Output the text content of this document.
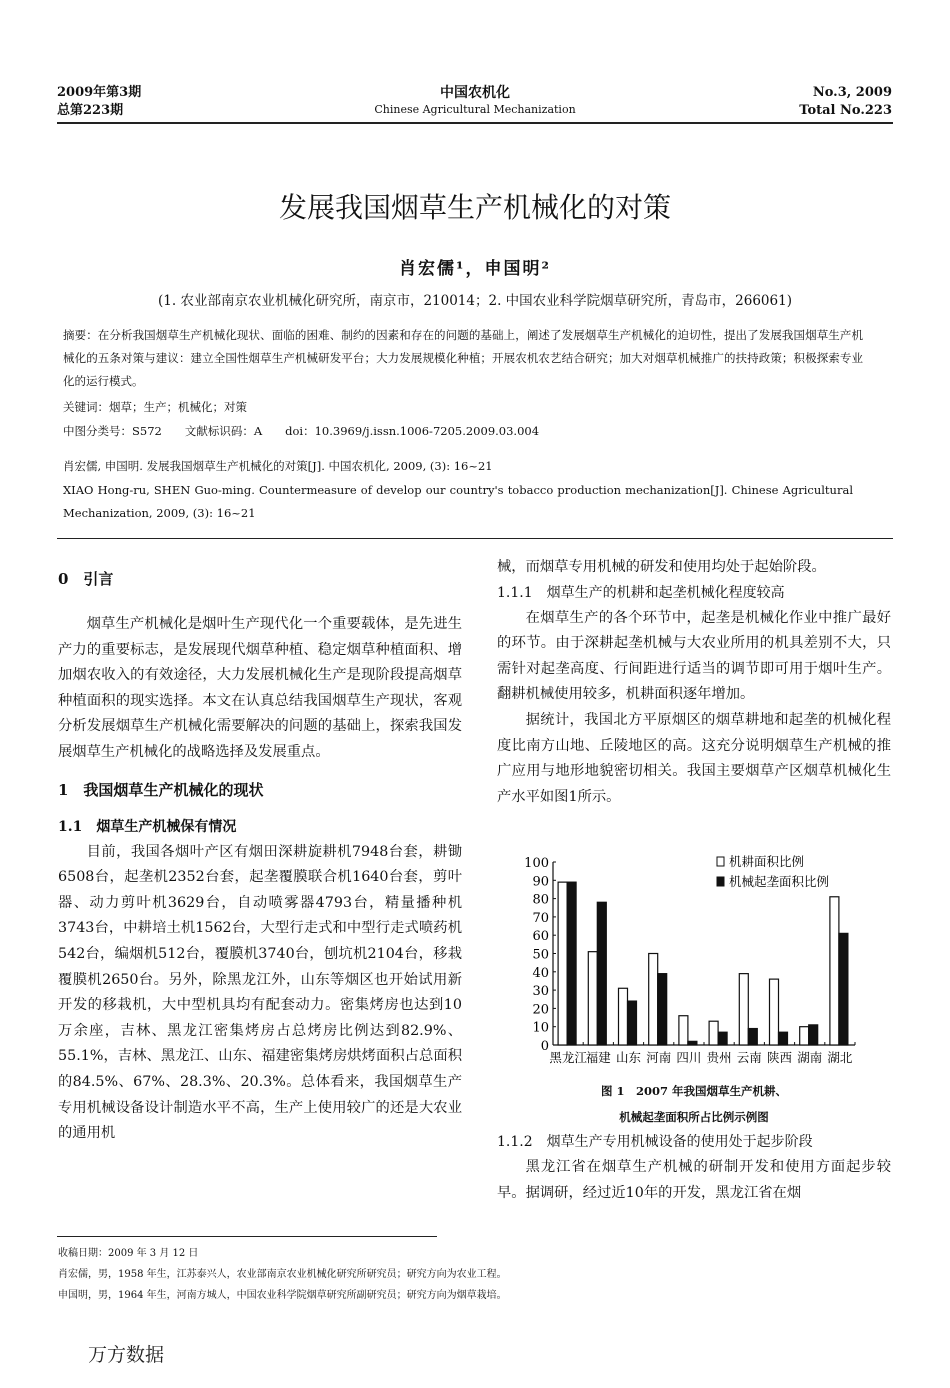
2009年第3期
总第223期
中国农机化
Chinese Agricultural Mechanization
No.3, 2009
Total No.223
发展我国烟草生产机械化的对策
肖宏儒¹，申国明²
(1. 农业部南京农业机械化研究所，南京市，210014；2. 中国农业科学院烟草研究所，青岛市，266061)
摘要：在分析我国烟草生产机械化现状、面临的困难、制约的因素和存在的问题的基础上，阐述了发展烟草生产机械化的迫切性，提出了发展我国烟草生产机械化的五条对策与建议：建立全国性烟草生产机械研发平台；大力发展规模化种植；开展农机农艺结合研究；加大对烟草机械推广的扶持政策；积极探索专业化的运行模式。
关键词：烟草；生产；机械化；对策
中图分类号：S572　　文献标识码：A　　doi：10.3969/j.issn.1006-7205.2009.03.004
肖宏儒, 申国明. 发展我国烟草生产机械化的对策[J]. 中国农机化, 2009, (3): 16~21
XIAO Hong-ru, SHEN Guo-ming. Countermeasure of develop our country's tobacco production mechanization[J]. Chinese Agricultural Mechanization, 2009, (3): 16~21
0　引言

烟草生产机械化是烟叶生产现代化一个重要载体，是先进生产力的重要标志，是发展现代烟草种植、稳定烟草种植面积、增加烟农收入的有效途径，大力发展机械化生产是现阶段提高烟草种植面积的现实选择。本文在认真总结我国烟草生产现状，客观分析发展烟草生产机械化需要解决的问题的基础上，探索我国发展烟草生产机械化的战略选择及发展重点。

1　我国烟草生产机械化的现状
1.1　烟草生产机械保有情况

目前，我国各烟叶产区有烟田深耕旋耕机7948台套，耕锄6508台，起垄机2352台套，起垄覆膜联合机1640台套，剪叶器、动力剪叶机3629台，自动喷雾器4793台，精量播种机3743台，中耕培土机1562台，大型行走式和中型行走式喷药机542台，编烟机512台，覆膜机3740台，刨坑机2104台，移栽覆膜机2650台。另外，除黑龙江外，山东等烟区也开始试用新开发的移栽机，大中型机具均有配套动力。密集烤房也达到10万余座，吉林、黑龙江密集烤房占总烤房比例达到82.9%、55.1%，吉林、黑龙江、山东、福建密集烤房烘烤面积占总面积的84.5%、67%、28.3%、20.3%。总体看来，我国烟草生产专用机械设备设计制造水平不高，生产上使用较广的还是大农业的通用机

械，而烟草专用机械的研发和使用均处于起始阶段。

1.1.1　烟草生产的机耕和起垄机械化程度较高

在烟草生产的各个环节中，起垄是机械化作业中推广最好的环节。由于深耕起垄机械与大农业所用的机具差别不大，只需针对起垄高度、行间距进行适当的调节即可用于烟叶生产。翻耕机械使用较多，机耕面积逐年增加。

据统计，我国北方平原烟区的烟草耕地和起垄的机械化程度比南方山地、丘陵地区的高。这充分说明烟草生产机械的推广应用与地形地貌密切相关。我国主要烟草产区烟草机械化生产水平如图1所示。

0
10
20
30
40
50
60
70
80
90
100
黑龙江
福建 山东 河南 四川 贵州 云南 陕西 湖南 湖北
机耕面积比例
机械起垄面积比例
图 1　2007 年我国烟草生产机耕、
机械起垄面积所占比例示例图
1.1.2　烟草生产专用机械设备的使用处于起步阶段

黑龙江省在烟草生产机械的研制开发和使用方面起步较早。据调研，经过近10年的开发，黑龙江省在烟

收稿日期：2009 年 3 月 12 日
肖宏儒，男，1958 年生，江苏泰兴人，农业部南京农业机械化研究所研究员；研究方向为农业工程。
申国明，男，1964 年生，河南方城人，中国农业科学院烟草研究所副研究员；研究方向为烟草栽培。
万方数据
